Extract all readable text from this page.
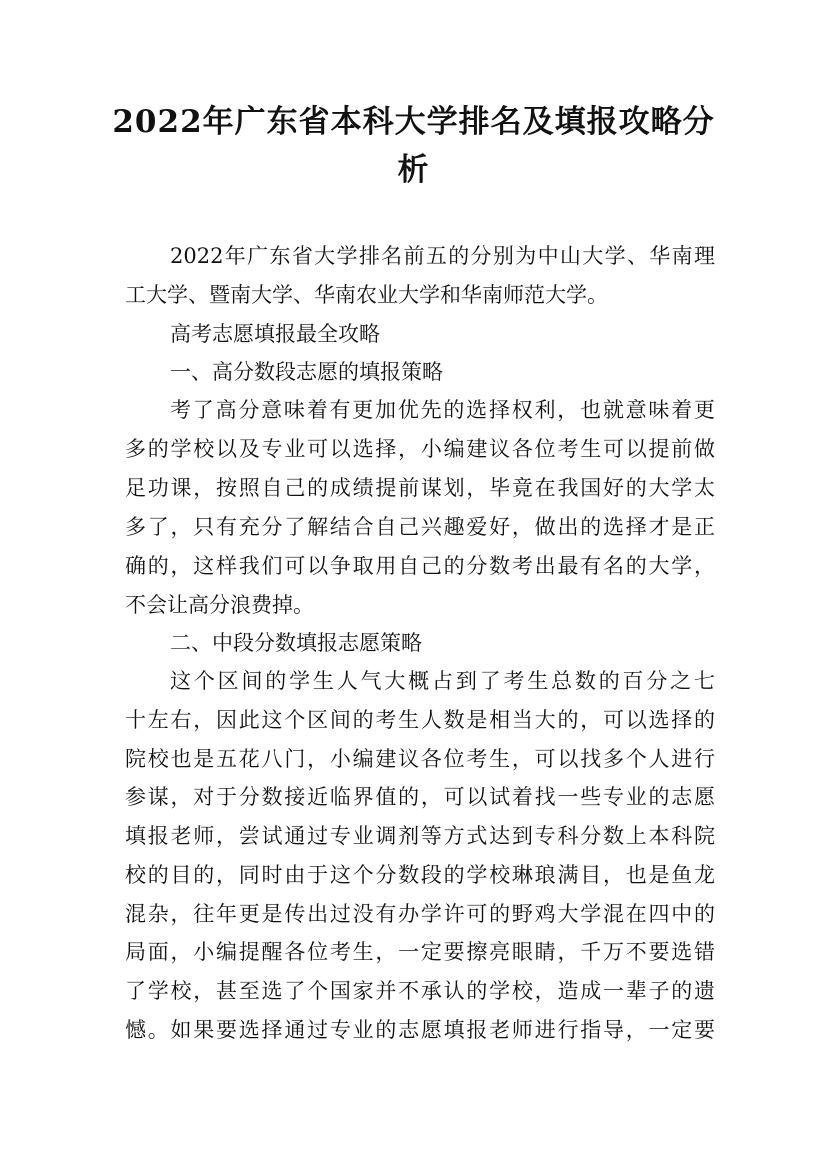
2022年广东省本科大学排名及填报攻略分
析
2022年广东省大学排名前五的分别为中山大学、华南理
工大学、暨南大学、华南农业大学和华南师范大学。
高考志愿填报最全攻略
一、高分数段志愿的填报策略
考了高分意味着有更加优先的选择权利，也就意味着更
多的学校以及专业可以选择，小编建议各位考生可以提前做
足功课，按照自己的成绩提前谋划，毕竟在我国好的大学太
多了，只有充分了解结合自己兴趣爱好，做出的选择才是正
确的，这样我们可以争取用自己的分数考出最有名的大学，
不会让高分浪费掉。
二、中段分数填报志愿策略
这个区间的学生人气大概占到了考生总数的百分之七
十左右，因此这个区间的考生人数是相当大的，可以选择的
院校也是五花八门，小编建议各位考生，可以找多个人进行
参谋，对于分数接近临界值的，可以试着找一些专业的志愿
填报老师，尝试通过专业调剂等方式达到专科分数上本科院
校的目的，同时由于这个分数段的学校琳琅满目，也是鱼龙
混杂，往年更是传出过没有办学许可的野鸡大学混在四中的
局面，小编提醒各位考生，一定要擦亮眼睛，千万不要选错
了学校，甚至选了个国家并不承认的学校，造成一辈子的遗
憾。如果要选择通过专业的志愿填报老师进行指导，一定要
